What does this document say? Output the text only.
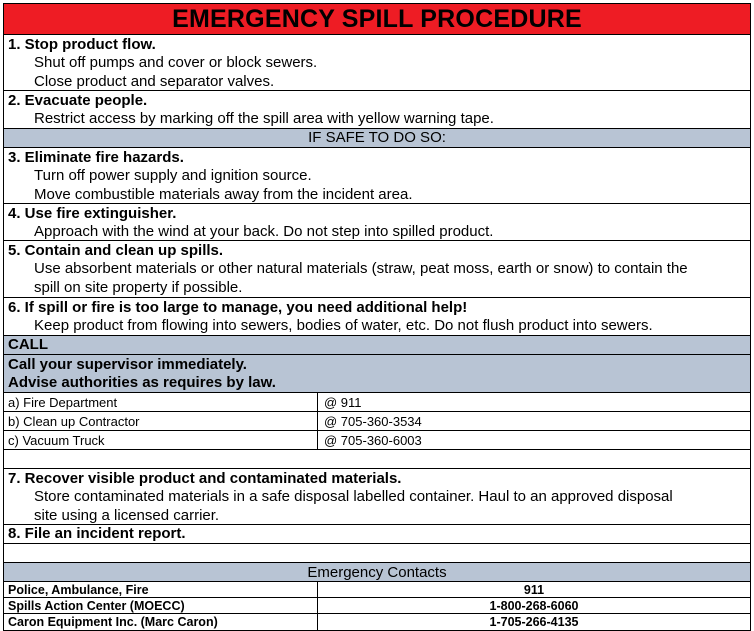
EMERGENCY SPILL PROCEDURE
1. Stop product flow.
Shut off pumps and cover or block sewers.
Close product and separator valves.
2. Evacuate people.
Restrict access by marking off the spill area with yellow warning tape.
IF SAFE TO DO SO:
3. Eliminate fire hazards.
Turn off power supply and ignition source.
Move combustible materials away from the incident area.
4. Use fire extinguisher.
Approach with the wind at your back. Do not step into spilled product.
5. Contain and clean up spills.
Use absorbent materials or other natural materials (straw, peat moss, earth or snow) to contain the
spill on site property if possible.
6. If spill or fire is too large to manage, you need additional help!
Keep product from flowing into sewers, bodies of water, etc. Do not flush product into sewers.
CALL
Call your supervisor immediately.
Advise authorities as requires by law.
a) Fire Department	@ 911
b) Clean up Contractor	@ 705-360-3534
c) Vacuum Truck	@ 705-360-6003
7. Recover visible product and contaminated materials.
Store contaminated materials in a safe disposal labelled container. Haul to an approved disposal
site using a licensed carrier.
8. File an incident report.
Emergency Contacts
Police, Ambulance, Fire	911
Spills Action Center (MOECC)	1-800-268-6060
Caron Equipment Inc. (Marc Caron)	1-705-266-4135
